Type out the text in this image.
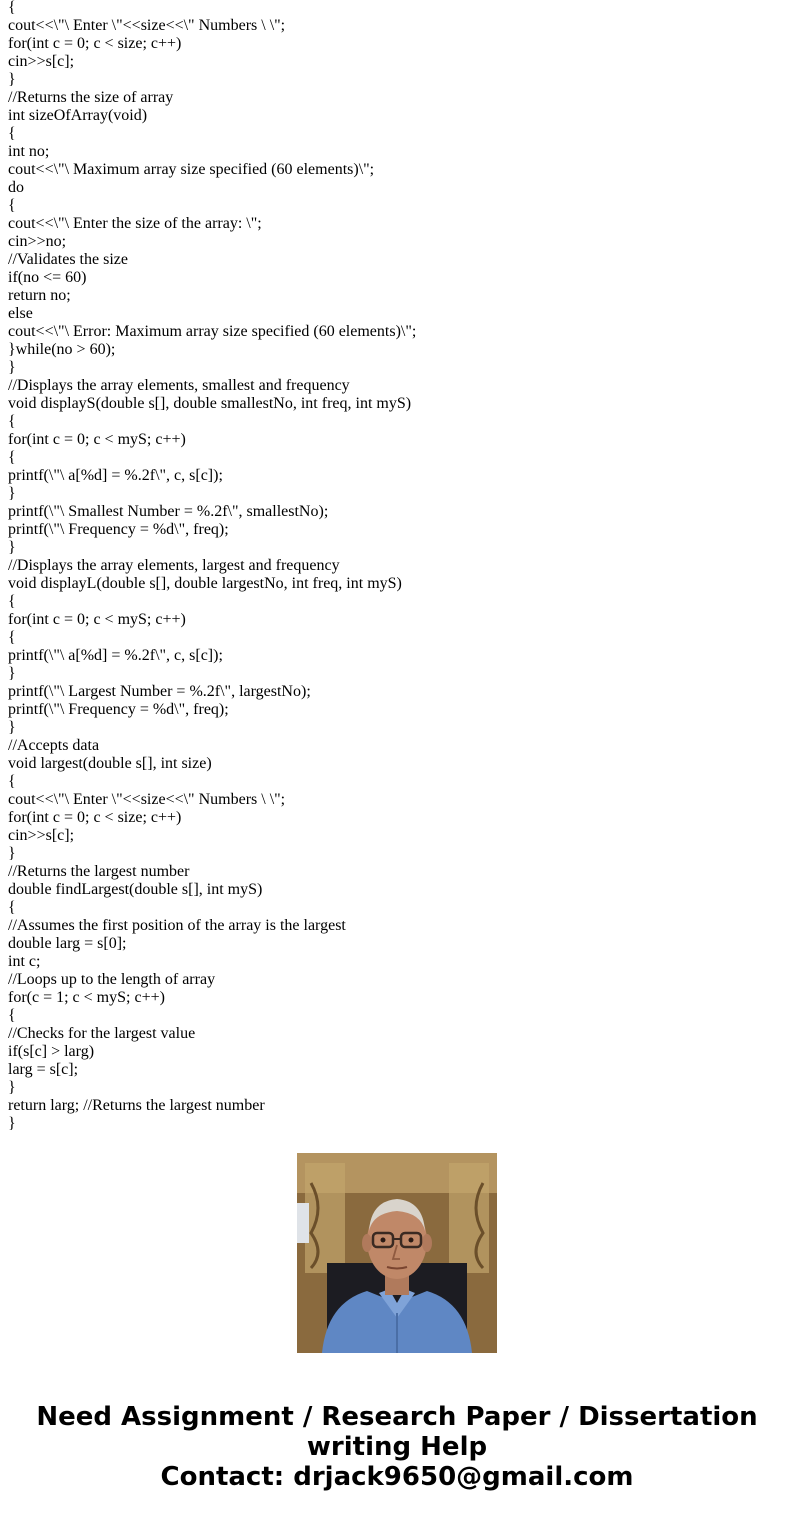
{
cout<<\"\ Enter \"<<size<<\" Numbers \ \";
for(int c = 0; c < size; c++)
cin>>s[c];
}
//Returns the size of array
int sizeOfArray(void)
{
int no;
cout<<\"\ Maximum array size specified (60 elements)\";
do
{
cout<<\"\ Enter the size of the array: \";
cin>>no;
//Validates the size
if(no <= 60)
return no;
else
cout<<\"\ Error: Maximum array size specified (60 elements)\";
}while(no > 60);
}
//Displays the array elements, smallest and frequency
void displayS(double s[], double smallestNo, int freq, int myS)
{
for(int c = 0; c < myS; c++)
{
printf(\"\ a[%d] = %.2f\", c, s[c]);
}
printf(\"\ Smallest Number = %.2f\", smallestNo);
printf(\"\ Frequency = %d\", freq);
}
//Displays the array elements, largest and frequency
void displayL(double s[], double largestNo, int freq, int myS)
{
for(int c = 0; c < myS; c++)
{
printf(\"\ a[%d] = %.2f\", c, s[c]);
}
printf(\"\ Largest Number = %.2f\", largestNo);
printf(\"\ Frequency = %d\", freq);
}
//Accepts data
void largest(double s[], int size)
{
cout<<\"\ Enter \"<<size<<\" Numbers \ \";
for(int c = 0; c < size; c++)
cin>>s[c];
}
//Returns the largest number
double findLargest(double s[], int myS)
{
//Assumes the first position of the array is the largest
double larg = s[0];
int c;
//Loops up to the length of array
for(c = 1; c < myS; c++)
{
//Checks for the largest value
if(s[c] > larg)
larg = s[c];
}
return larg; //Returns the largest number
}
Need Assignment / Research Paper / Dissertation
writing Help
Contact: drjack9650@gmail.com
